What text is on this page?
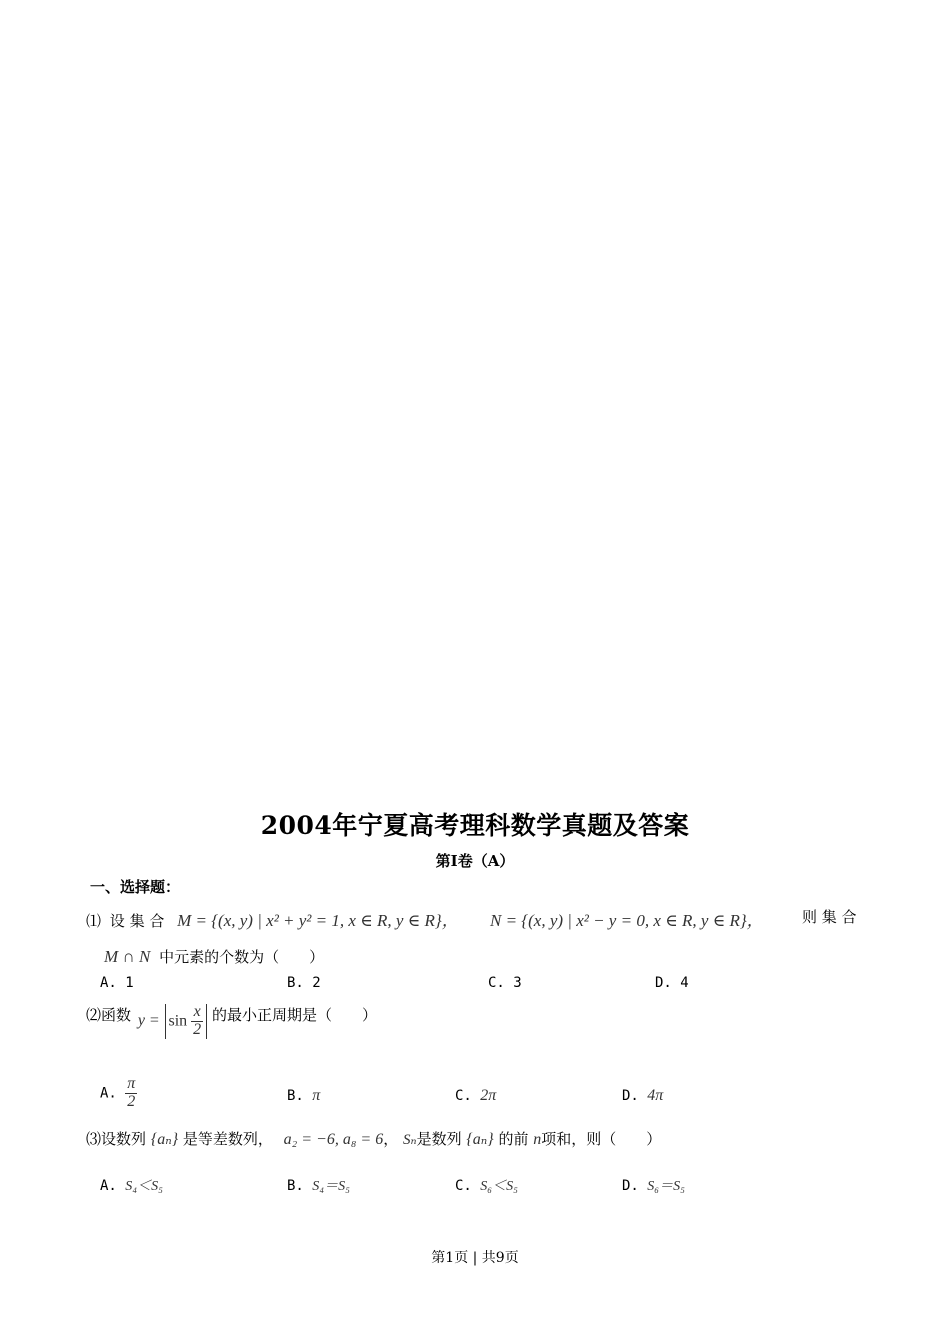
2004年宁夏高考理科数学真题及答案
第I卷（A）
一、选择题：
⑴ 设 集 合 M = {(x, y) | x² + y² = 1, x ∈ R, y ∈ R}， N = {(x, y) | x² − y = 0, x ∈ R, y ∈ R}，	则 集 合
M ∩ N 中元素的个数为（　　）
A. 1	B. 2	C. 3	D. 4
⑵函数 $y = \sin \frac{x}{2}$ 的最小正周期是（　　）
A. $\frac{\pi}{2}$	B. π	C. 2π	D. 4π
⑶设数列 {aₙ} 是等差数列， a₂ = −6, a₈ = 6， Sₙ是数列 {aₙ} 的前 n项和，则（　　）
A. S₄＜S₅	B. S₄＝S₅	C. S₆＜S₅	D. S₆＝S₅
第1页 | 共9页
